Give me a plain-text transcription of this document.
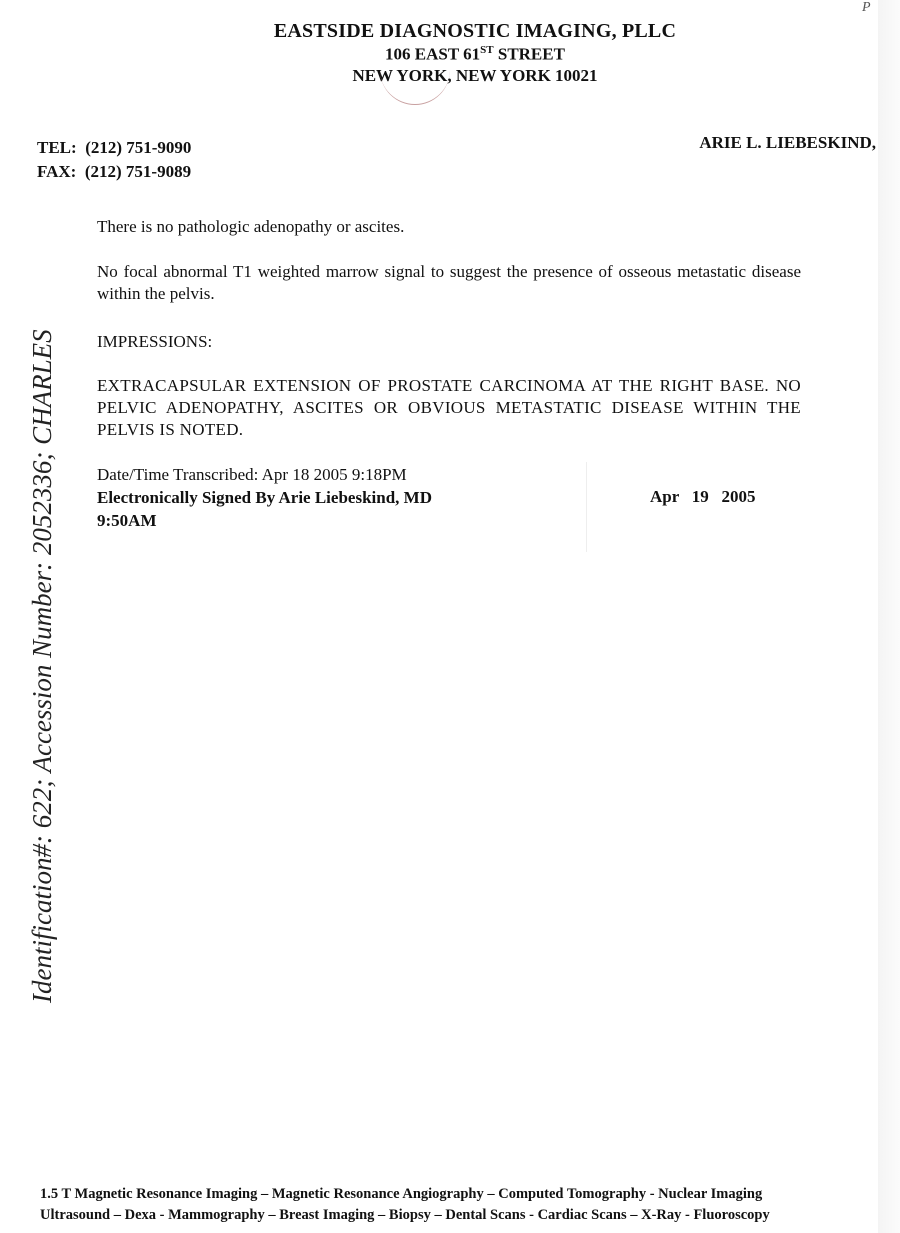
P
EASTSIDE DIAGNOSTIC IMAGING, PLLC
106 EAST 61ST STREET
NEW YORK, NEW YORK 10021
TEL: (212) 751-9090
FAX: (212) 751-9089
ARIE L. LIEBESKIND,
There is no pathologic adenopathy or ascites.
No focal abnormal T1 weighted marrow signal to suggest the presence of osseous metastatic disease within the pelvis.
IMPRESSIONS:
EXTRACAPSULAR EXTENSION OF PROSTATE CARCINOMA AT THE RIGHT BASE. NO PELVIC ADENOPATHY, ASCITES OR OBVIOUS METASTATIC DISEASE WITHIN THE PELVIS IS NOTED.
Date/Time Transcribed: Apr 18 2005 9:18PM
Electronically Signed By Arie Liebeskind, MD
9:50AM
Apr   19   2005
Identification#: 622; Accession Number: 2052336; CHARLES
1.5 T Magnetic Resonance Imaging – Magnetic Resonance Angiography – Computed Tomography - Nuclear Imaging
Ultrasound – Dexa - Mammography – Breast Imaging – Biopsy – Dental Scans - Cardiac Scans – X-Ray - Fluoroscopy
